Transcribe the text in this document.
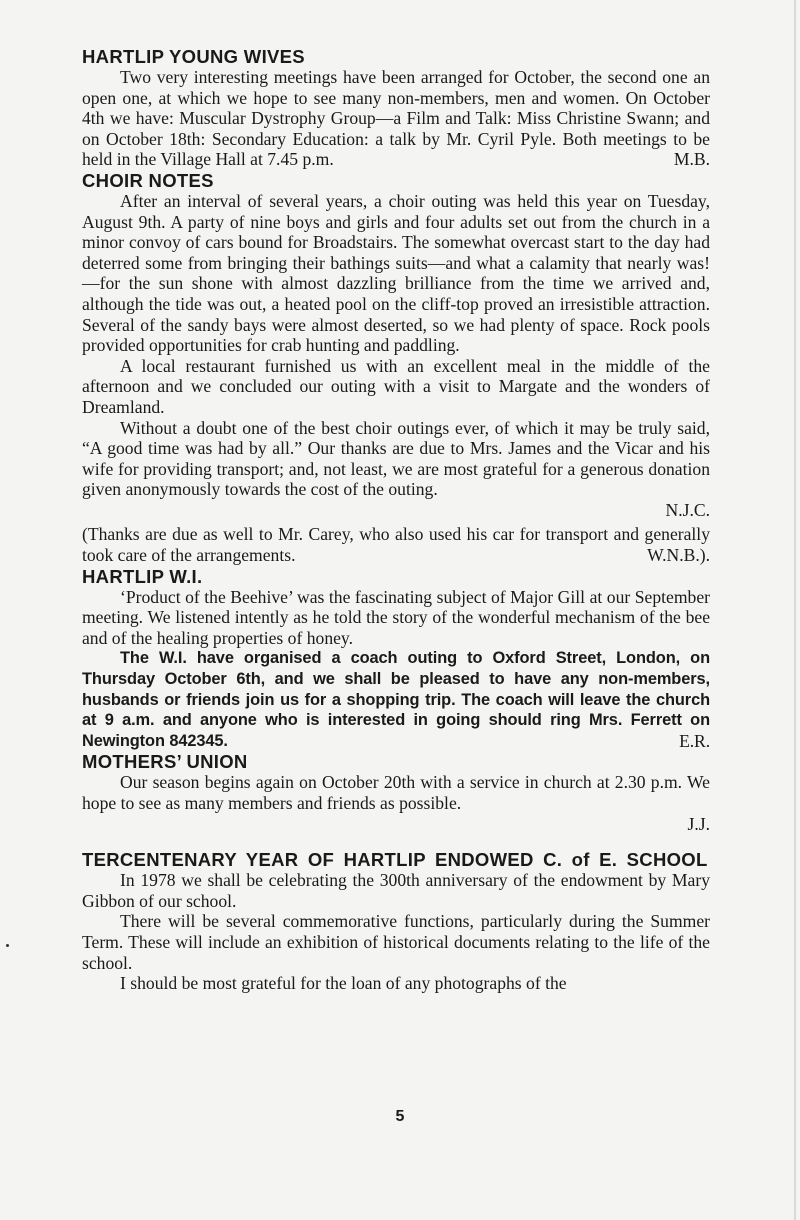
HARTLIP YOUNG WIVES

Two very interesting meetings have been arranged for October, the second one an open one, at which we hope to see many non-members, men and women. On October 4th we have: Muscular Dystrophy Group—a Film and Talk: Miss Christine Swann; and on October 18th: Secondary Education: a talk by Mr. Cyril Pyle. Both meetings to be held in the Village Hall at 7.45 p.m.	M.B.

CHOIR NOTES

After an interval of several years, a choir outing was held this year on Tuesday, August 9th. A party of nine boys and girls and four adults set out from the church in a minor convoy of cars bound for Broadstairs. The somewhat overcast start to the day had deterred some from bringing their bathings suits—and what a calamity that nearly was!—for the sun shone with almost dazzling brilliance from the time we arrived and, although the tide was out, a heated pool on the cliff-top proved an irresistible attraction. Several of the sandy bays were almost deserted, so we had plenty of space. Rock pools provided opportunities for crab hunting and paddling.

A local restaurant furnished us with an excellent meal in the middle of the afternoon and we concluded our outing with a visit to Margate and the wonders of Dreamland.

Without a doubt one of the best choir outings ever, of which it may be truly said, “A good time was had by all.” Our thanks are due to Mrs. James and the Vicar and his wife for providing transport; and, not least, we are most grateful for a generous donation given anonymously towards the cost of the outing.

N.J.C.

(Thanks are due as well to Mr. Carey, who also used his car for transport and generally took care of the arrangements.	W.N.B.).

HARTLIP W.I.

‘Product of the Beehive’ was the fascinating subject of Major Gill at our September meeting. We listened intently as he told the story of the wonderful mechanism of the bee and of the healing properties of honey.

The W.I. have organised a coach outing to Oxford Street, London, on Thursday October 6th, and we shall be pleased to have any non-members, husbands or friends join us for a shopping trip. The coach will leave the church at 9 a.m. and anyone who is interested in going should ring Mrs. Ferrett on Newington 842345.	E.R.

MOTHERS’ UNION

Our season begins again on October 20th with a service in church at 2.30 p.m. We hope to see as many members and friends as possible.

J.J.
TERCENTENARY YEAR OF HARTLIP ENDOWED C. of E. SCHOOL

In 1978 we shall be celebrating the 300th anniversary of the endowment by Mary Gibbon of our school.

There will be several commemorative functions, particularly during the Summer Term. These will include an exhibition of historical documents relating to the life of the school.

I should be most grateful for the loan of any photographs of the

5
